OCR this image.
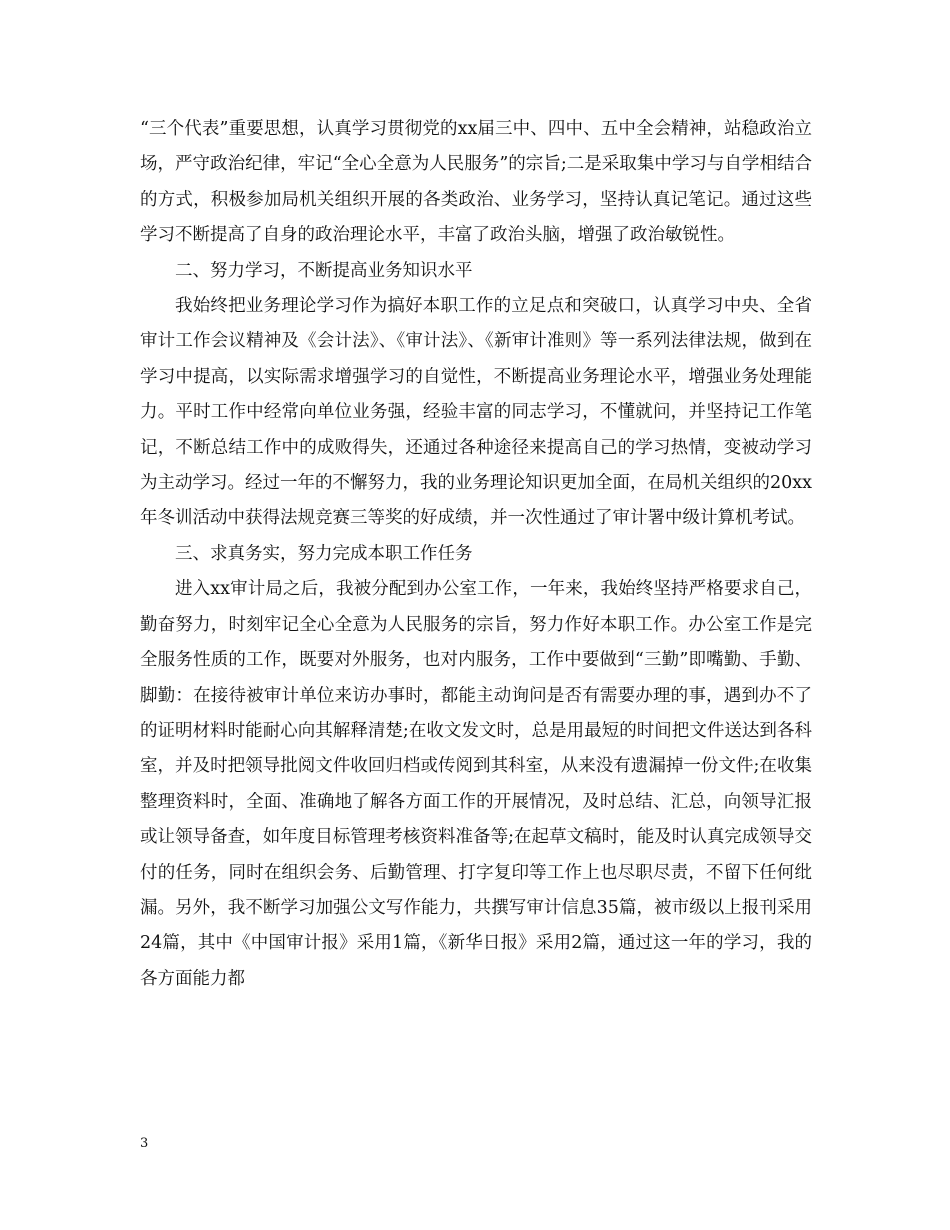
“三个代表”重要思想，认真学习贯彻党的xx届三中、四中、五中全会精神，站稳政治立场，严守政治纪律，牢记“全心全意为人民服务”的宗旨;二是采取集中学习与自学相结合的方式，积极参加局机关组织开展的各类政治、业务学习，坚持认真记笔记。通过这些学习不断提高了自身的政治理论水平，丰富了政治头脑，增强了政治敏锐性。

二、努力学习，不断提高业务知识水平

我始终把业务理论学习作为搞好本职工作的立足点和突破口，认真学习中央、全省审计工作会议精神及《会计法》、《审计法》、《新审计准则》等一系列法律法规，做到在学习中提高，以实际需求增强学习的自觉性，不断提高业务理论水平，增强业务处理能力。平时工作中经常向单位业务强，经验丰富的同志学习，不懂就问，并坚持记工作笔记，不断总结工作中的成败得失，还通过各种途径来提高自己的学习热情，变被动学习为主动学习。经过一年的不懈努力，我的业务理论知识更加全面，在局机关组织的20xx年冬训活动中获得法规竞赛三等奖的好成绩，并一次性通过了审计署中级计算机考试。

三、求真务实，努力完成本职工作任务

进入xx审计局之后，我被分配到办公室工作，一年来，我始终坚持严格要求自己，勤奋努力，时刻牢记全心全意为人民服务的宗旨，努力作好本职工作。办公室工作是完全服务性质的工作，既要对外服务，也对内服务，工作中要做到“三勤”即嘴勤、手勤、脚勤：在接待被审计单位来访办事时，都能主动询问是否有需要办理的事，遇到办不了的证明材料时能耐心向其解释清楚;在收文发文时，总是用最短的时间把文件送达到各科室，并及时把领导批阅文件收回归档或传阅到其科室，从来没有遗漏掉一份文件;在收集整理资料时，全面、准确地了解各方面工作的开展情况，及时总结、汇总，向领导汇报或让领导备查，如年度目标管理考核资料准备等;在起草文稿时，能及时认真完成领导交付的任务，同时在组织会务、后勤管理、打字复印等工作上也尽职尽责，不留下任何纰漏。另外，我不断学习加强公文写作能力，共撰写审计信息35篇，被市级以上报刊采用24篇，其中《中国审计报》采用1篇，《新华日报》采用2篇，通过这一年的学习，我的各方面能力都

3
